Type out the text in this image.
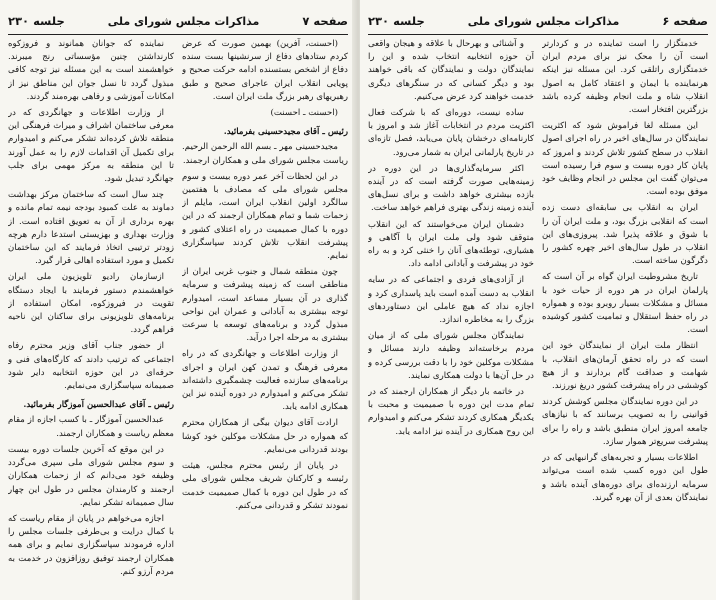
صفحه ۷
مذاکرات مجلس شورای ملی
جلسه ۲۳۰

(احسنت، آفرین) بهمین صورت که عرض کردم ستادهای دفاع از سرنشینها بست سنده دفاع از اشخص بستسنده ادامه حرکت صحیح و پویایی انقلاب ایران عاجرای صحیح و طبق رهبریهای رهبر بزرگ ملت ایران است.

(احسنت ـ احسنت)

رئیس ـ آقای مجیدحسینی بفرمائید.

مجیدحسینی مهر ـ بسم الله الرحمن الرحیم. ریاست مجلس شورای ملی و همکاران ارجمند.

در این لحظات آخر عمر دوره بیست و سوم مجلس شورای ملی که مصادف با هفتمین سالگرد اولین انقلاب ایران است، مایلم از زحمات شما و تمام همکاران ارجمند که در این دوره با کمال صمیمیت در راه اعتلای کشور و پیشرفت انقلاب تلاش کردند سپاسگزاری نمایم.

چون منطقه شمال و جنوب غربی ایران از مناطقی است که زمینه پیشرفت و سرمایه گذاری در آن بسیار مساعد است، امیدوارم توجه بیشتری به آبادانی و عمران این نواحی مبذول گردد و برنامه‌های توسعه با سرعت بیشتری به مرحله اجرا درآید.

از وزارت اطلاعات و جهانگردی که در راه معرفی فرهنگ و تمدن کهن ایران و اجرای برنامه‌های سازنده فعالیت چشمگیری داشته‌اند تشکر می‌کنم و امیدوارم در دوره آینده نیز این همکاری ادامه یابد.

ارادت آقای دیوان بیگی از همکاران محترم که همواره در حل مشکلات موکلین خود کوشا بودند قدردانی می‌نمایم.

در پایان از رئیس محترم مجلس، هیئت رئیسه و کارکنان شریف مجلس شورای ملی که در طول این دوره با کمال صمیمیت خدمت نمودند تشکر و قدردانی می‌کنم.

نماینده که جوانان همانوند و فروزکوه کارنداشتن چنین مؤسساتی رنج میبرند. خواهشمند است به این مسئله نیز توجه کافی مبذول گردد تا نسل جوان این مناطق نیز از امکانات آموزشی و رفاهی بهره‌مند گردند.

از وزارت اطلاعات و جهانگردی که در معرفی ساختمان اشراف و میراث فرهنگی این منطقه تلاش کرده‌اند تشکر می‌کنم و امیدوارم برای تکمیل آن اقدامات لازم را به عمل آورند تا این منطقه به مرکز مهمی برای جلب جهانگرد تبدیل شود.

چند سال است که ساختمان مرکز بهداشت دماوند به علت کمبود بودجه نیمه تمام مانده و بهره برداری از آن به تعویق افتاده است. از وزارت بهداری و بهزیستی استدعا دارم هرچه زودتر ترتیبی اتخاذ فرمایند که این ساختمان تکمیل و مورد استفاده اهالی قرار گیرد.

ازسازمان رادیو تلویزیون ملی ایران خواهشمندم دستور فرمایند با ایجاد دستگاه تقویت در فیروزکوه، امکان استفاده از برنامه‌های تلویزیونی برای ساکنان این ناحیه فراهم گردد.

از حضور جناب آقای وزیر محترم رفاه اجتماعی که ترتیب دادند که کارگاه‌های فنی و حرفه‌ای در این حوزه انتخابیه دایر شود صمیمانه سپاسگزاری می‌نمایم.

رئیس ـ آقای عبدالحسین آموزگار بفرمائید.

عبدالحسین آموزگار ـ با کسب اجازه از مقام معظم ریاست و همکاران ارجمند.

در این موقع که آخرین جلسات دوره بیست و سوم مجلس شورای ملی سپری می‌گردد وظیفه خود می‌دانم که از زحمات همکاران ارجمند و کارمندان مجلس در طول این چهار سال صمیمانه تشکر نمایم.

اجازه می‌خواهم در پایان از مقام ریاست که با کمال درایت و بی‌طرفی جلسات مجلس را اداره فرمودند سپاسگزاری نمایم و برای همه همکاران ارجمند توفیق روزافزون در خدمت به مردم آرزو کنم.

صفحه ۶
مذاکرات مجلس شورای ملی
جلسه ۲۳۰

خدمتگزار را است تماینده در و کردارتر است آن را محک نیز برای مردم ایران خدمتگزاری راتلقی کرد. این مسئله نیز اینکه هرنماینده با ایمان و اعتقاد کامل به اصول انقلاب شاه و ملت انجام وظیفه کرده باشد بزرگترین افتخار است.

این مسئله لغا فراموش شود که اکثریت نمایندگان در سال‌های اخیر در راه اجرای اصول انقلاب در سطح کشور تلاش کردند و امروز که پایان کار دوره بیست و سوم فرا رسیده است می‌توان گفت این مجلس در انجام وظایف خود موفق بوده است.

ایران به انقلاب بی سابقه‌ای دست زده است که انقلابی بزرگ بود، و ملت ایران آن را با شوق و علاقه پذیرا شد. پیروزی‌های این انقلاب در طول سال‌های اخیر چهره کشور را دگرگون ساخته است.

تاریخ مشروطیت ایران گواه بر آن است که پارلمان ایران در هر دوره از حیات خود با مسائل و مشکلات بسیار روبرو بوده و همواره در راه حفظ استقلال و تمامیت کشور کوشیده است.

انتظار ملت ایران از نمایندگان خود این است که در راه تحقق آرمان‌های انقلاب، با شهامت و صداقت گام بردارند و از هیچ کوششی در راه پیشرفت کشور دریغ نورزند.

در این دوره نمایندگان مجلس کوشش کردند قوانینی را به تصویب برسانند که با نیازهای جامعه امروز ایران منطبق باشد و راه را برای پیشرفت سریع‌تر هموار سازد.

اطلاعات بسیار و تجربه‌های گرانبهایی که در طول این دوره کسب شده است می‌تواند سرمایه ارزنده‌ای برای دوره‌های آینده باشد و نمایندگان بعدی از آن بهره گیرند.

و آشنائی و بهرحال با علاقه و هیجان واقعی آن حوزه انتخابیه انتخاب شده و این را نمایندگان دولت و نمایندگان که باقی خواهند بود و دیگر کسانی که در سنگرهای دیگری خدمت خواهند کرد عرض می‌کنیم.

ساده نیست، دوره‌ای که با شرکت فعال اکثریت مردم در انتخابات آغاز شد و امروز با کارنامه‌ای درخشان پایان می‌یابد، فصل تازه‌ای در تاریخ پارلمانی ایران به شمار می‌رود.

اکثر سرمایه‌گذاری‌ها در این دوره در زمینه‌هایی صورت گرفته است که در آینده بازده بیشتری خواهد داشت و برای نسل‌های آینده زمینه زندگی بهتری فراهم خواهد ساخت.

دشمنان ایران می‌خواستند که این انقلاب متوقف شود ولی ملت ایران با آگاهی و هشیاری، توطئه‌های آنان را خنثی کرد و به راه خود در پیشرفت و آبادانی ادامه داد.

از آزادی‌های فردی و اجتماعی که در سایه انقلاب به دست آمده است باید پاسداری کرد و اجازه نداد که هیچ عاملی این دستاوردهای بزرگ را به مخاطره اندازد.

نمایندگان مجلس شورای ملی که از میان مردم برخاسته‌اند وظیفه دارند مسائل و مشکلات موکلین خود را با دقت بررسی کرده و در حل آن‌ها با دولت همکاری نمایند.

در خاتمه بار دیگر از همکاران ارجمند که در تمام مدت این دوره با صمیمیت و محبت با یکدیگر همکاری کردند تشکر می‌کنم و امیدوارم این روح همکاری در آینده نیز ادامه یابد.
